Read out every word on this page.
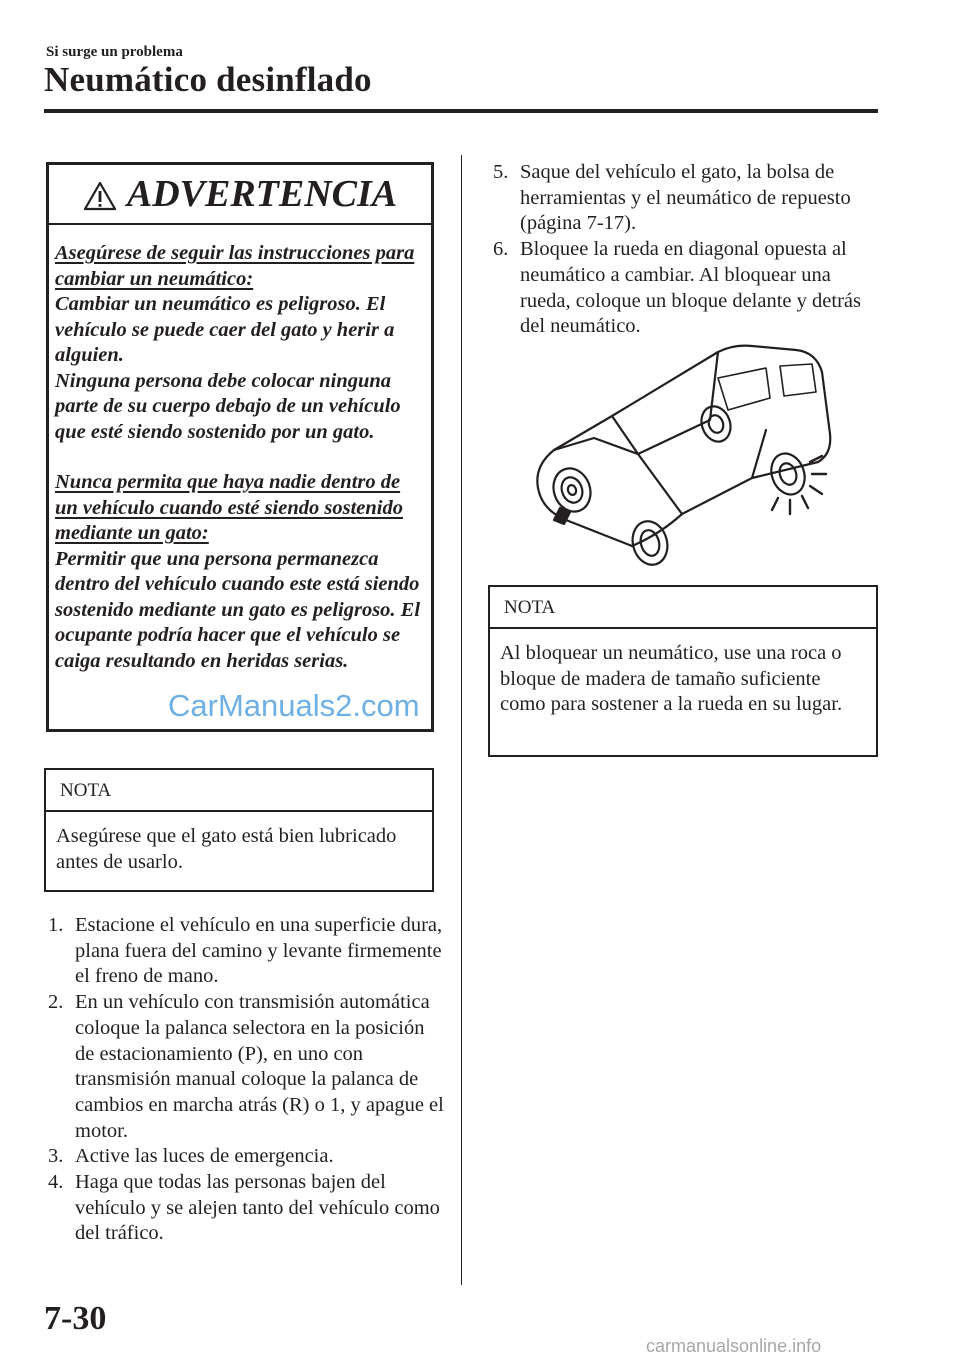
Si surge un problema
Neumático desinflado
ADVERTENCIA

Asegúrese de seguir las instrucciones para cambiar un neumático:

Cambiar un neumático es peligroso. El vehículo se puede caer del gato y herir a alguien.

Ninguna persona debe colocar ninguna parte de su cuerpo debajo de un vehículo que esté siendo sostenido por un gato.

Nunca permita que haya nadie dentro de un vehículo cuando esté siendo sostenido mediante un gato:

Permitir que una persona permanezca dentro del vehículo cuando este está siendo sostenido mediante un gato es peligroso. El ocupante podría hacer que el vehículo se caiga resultando en heridas serias.

CarManuals2.com
NOTA
Asegúrese que el gato está bien lubricado antes de usarlo.
1. Estacione el vehículo en una superficie dura, plana fuera del camino y levante firmemente el freno de mano.
2. En un vehículo con transmisión automática coloque la palanca selectora en la posición de estacionamiento (P), en uno con transmisión manual coloque la palanca de cambios en marcha atrás (R) o 1, y apague el motor.
3. Active las luces de emergencia.
4. Haga que todas las personas bajen del vehículo y se alejen tanto del vehículo como del tráfico.
5. Saque del vehículo el gato, la bolsa de herramientas y el neumático de repuesto (página 7-17).
6. Bloquee la rueda en diagonal opuesta al neumático a cambiar. Al bloquear una rueda, coloque un bloque delante y detrás del neumático.
NOTA
Al bloquear un neumático, use una roca o bloque de madera de tamaño suficiente como para sostener a la rueda en su lugar.
7-30
carmanualsonline.info
